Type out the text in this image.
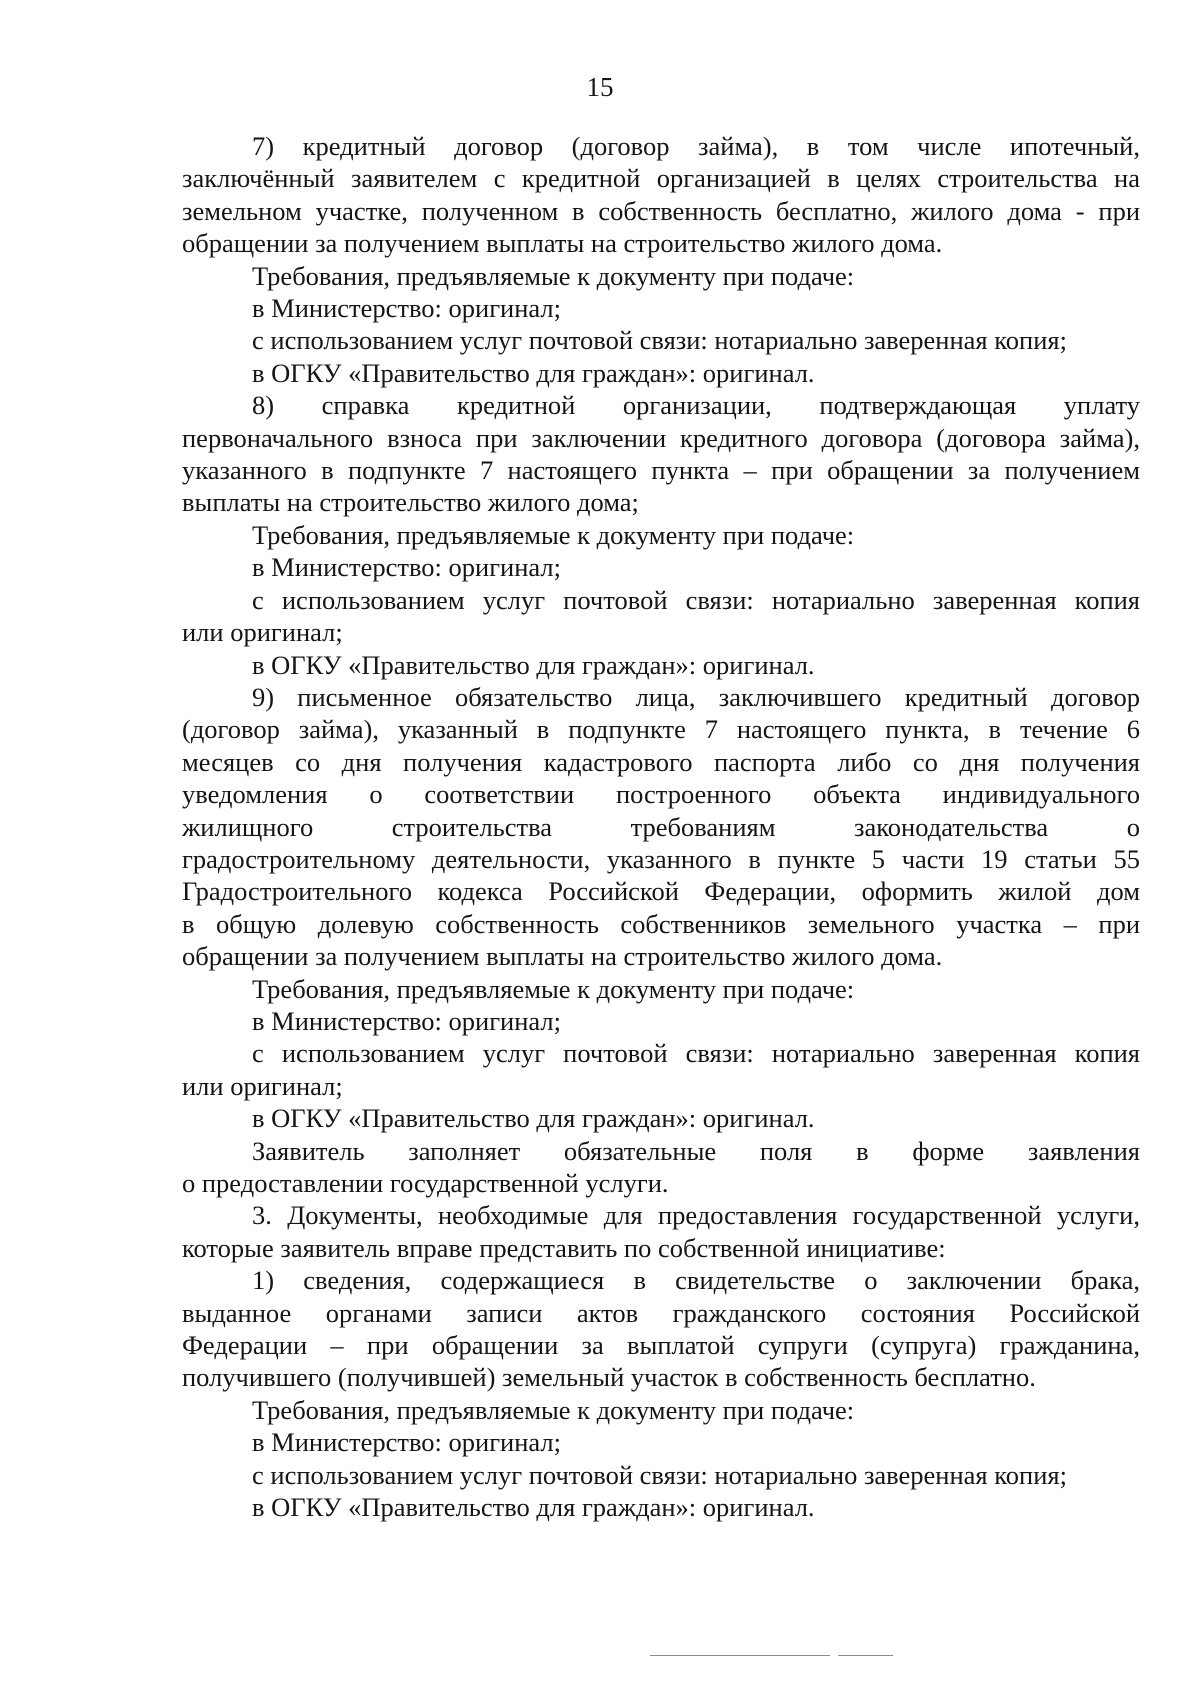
15

7) кредитный договор (договор займа), в том числе ипотечный,

заключённый заявителем с кредитной организацией в целях строительства на

земельном участке, полученном в собственность бесплатно, жилого дома - при

обращении за получением выплаты на строительство жилого дома.

Требования, предъявляемые к документу при подаче:

в Министерство: оригинал;

с использованием услуг почтовой связи: нотариально заверенная копия;

в ОГКУ «Правительство для граждан»: оригинал.

8) справка кредитной организации, подтверждающая уплату

первоначального взноса при заключении кредитного договора (договора займа),

указанного в подпункте 7 настоящего пункта – при обращении за получением

выплаты на строительство жилого дома;

Требования, предъявляемые к документу при подаче:

в Министерство: оригинал;

с использованием услуг почтовой связи: нотариально заверенная копия

или оригинал;

в ОГКУ «Правительство для граждан»: оригинал.

9) письменное обязательство лица, заключившего кредитный договор

(договор займа), указанный в подпункте 7 настоящего пункта, в течение 6

месяцев со дня получения кадастрового паспорта либо со дня получения

уведомления о соответствии построенного объекта индивидуального

жилищного строительства требованиям законодательства о

градостроительному деятельности, указанного в пункте 5 части 19 статьи 55

Градостроительного кодекса Российской Федерации, оформить жилой дом

в общую долевую собственность собственников земельного участка – при

обращении за получением выплаты на строительство жилого дома.

Требования, предъявляемые к документу при подаче:

в Министерство: оригинал;

с использованием услуг почтовой связи: нотариально заверенная копия

или оригинал;

в ОГКУ «Правительство для граждан»: оригинал.

Заявитель заполняет обязательные поля в форме заявления

о предоставлении государственной услуги.

3. Документы, необходимые для предоставления государственной услуги,

которые заявитель вправе представить по собственной инициативе:

1) сведения, содержащиеся в свидетельстве о заключении брака,

выданное органами записи актов гражданского состояния Российской

Федерации – при обращении за выплатой супруги (супруга) гражданина,

получившего (получившей) земельный участок в собственность бесплатно.

Требования, предъявляемые к документу при подаче:

в Министерство: оригинал;

с использованием услуг почтовой связи: нотариально заверенная копия;

в ОГКУ «Правительство для граждан»: оригинал.
